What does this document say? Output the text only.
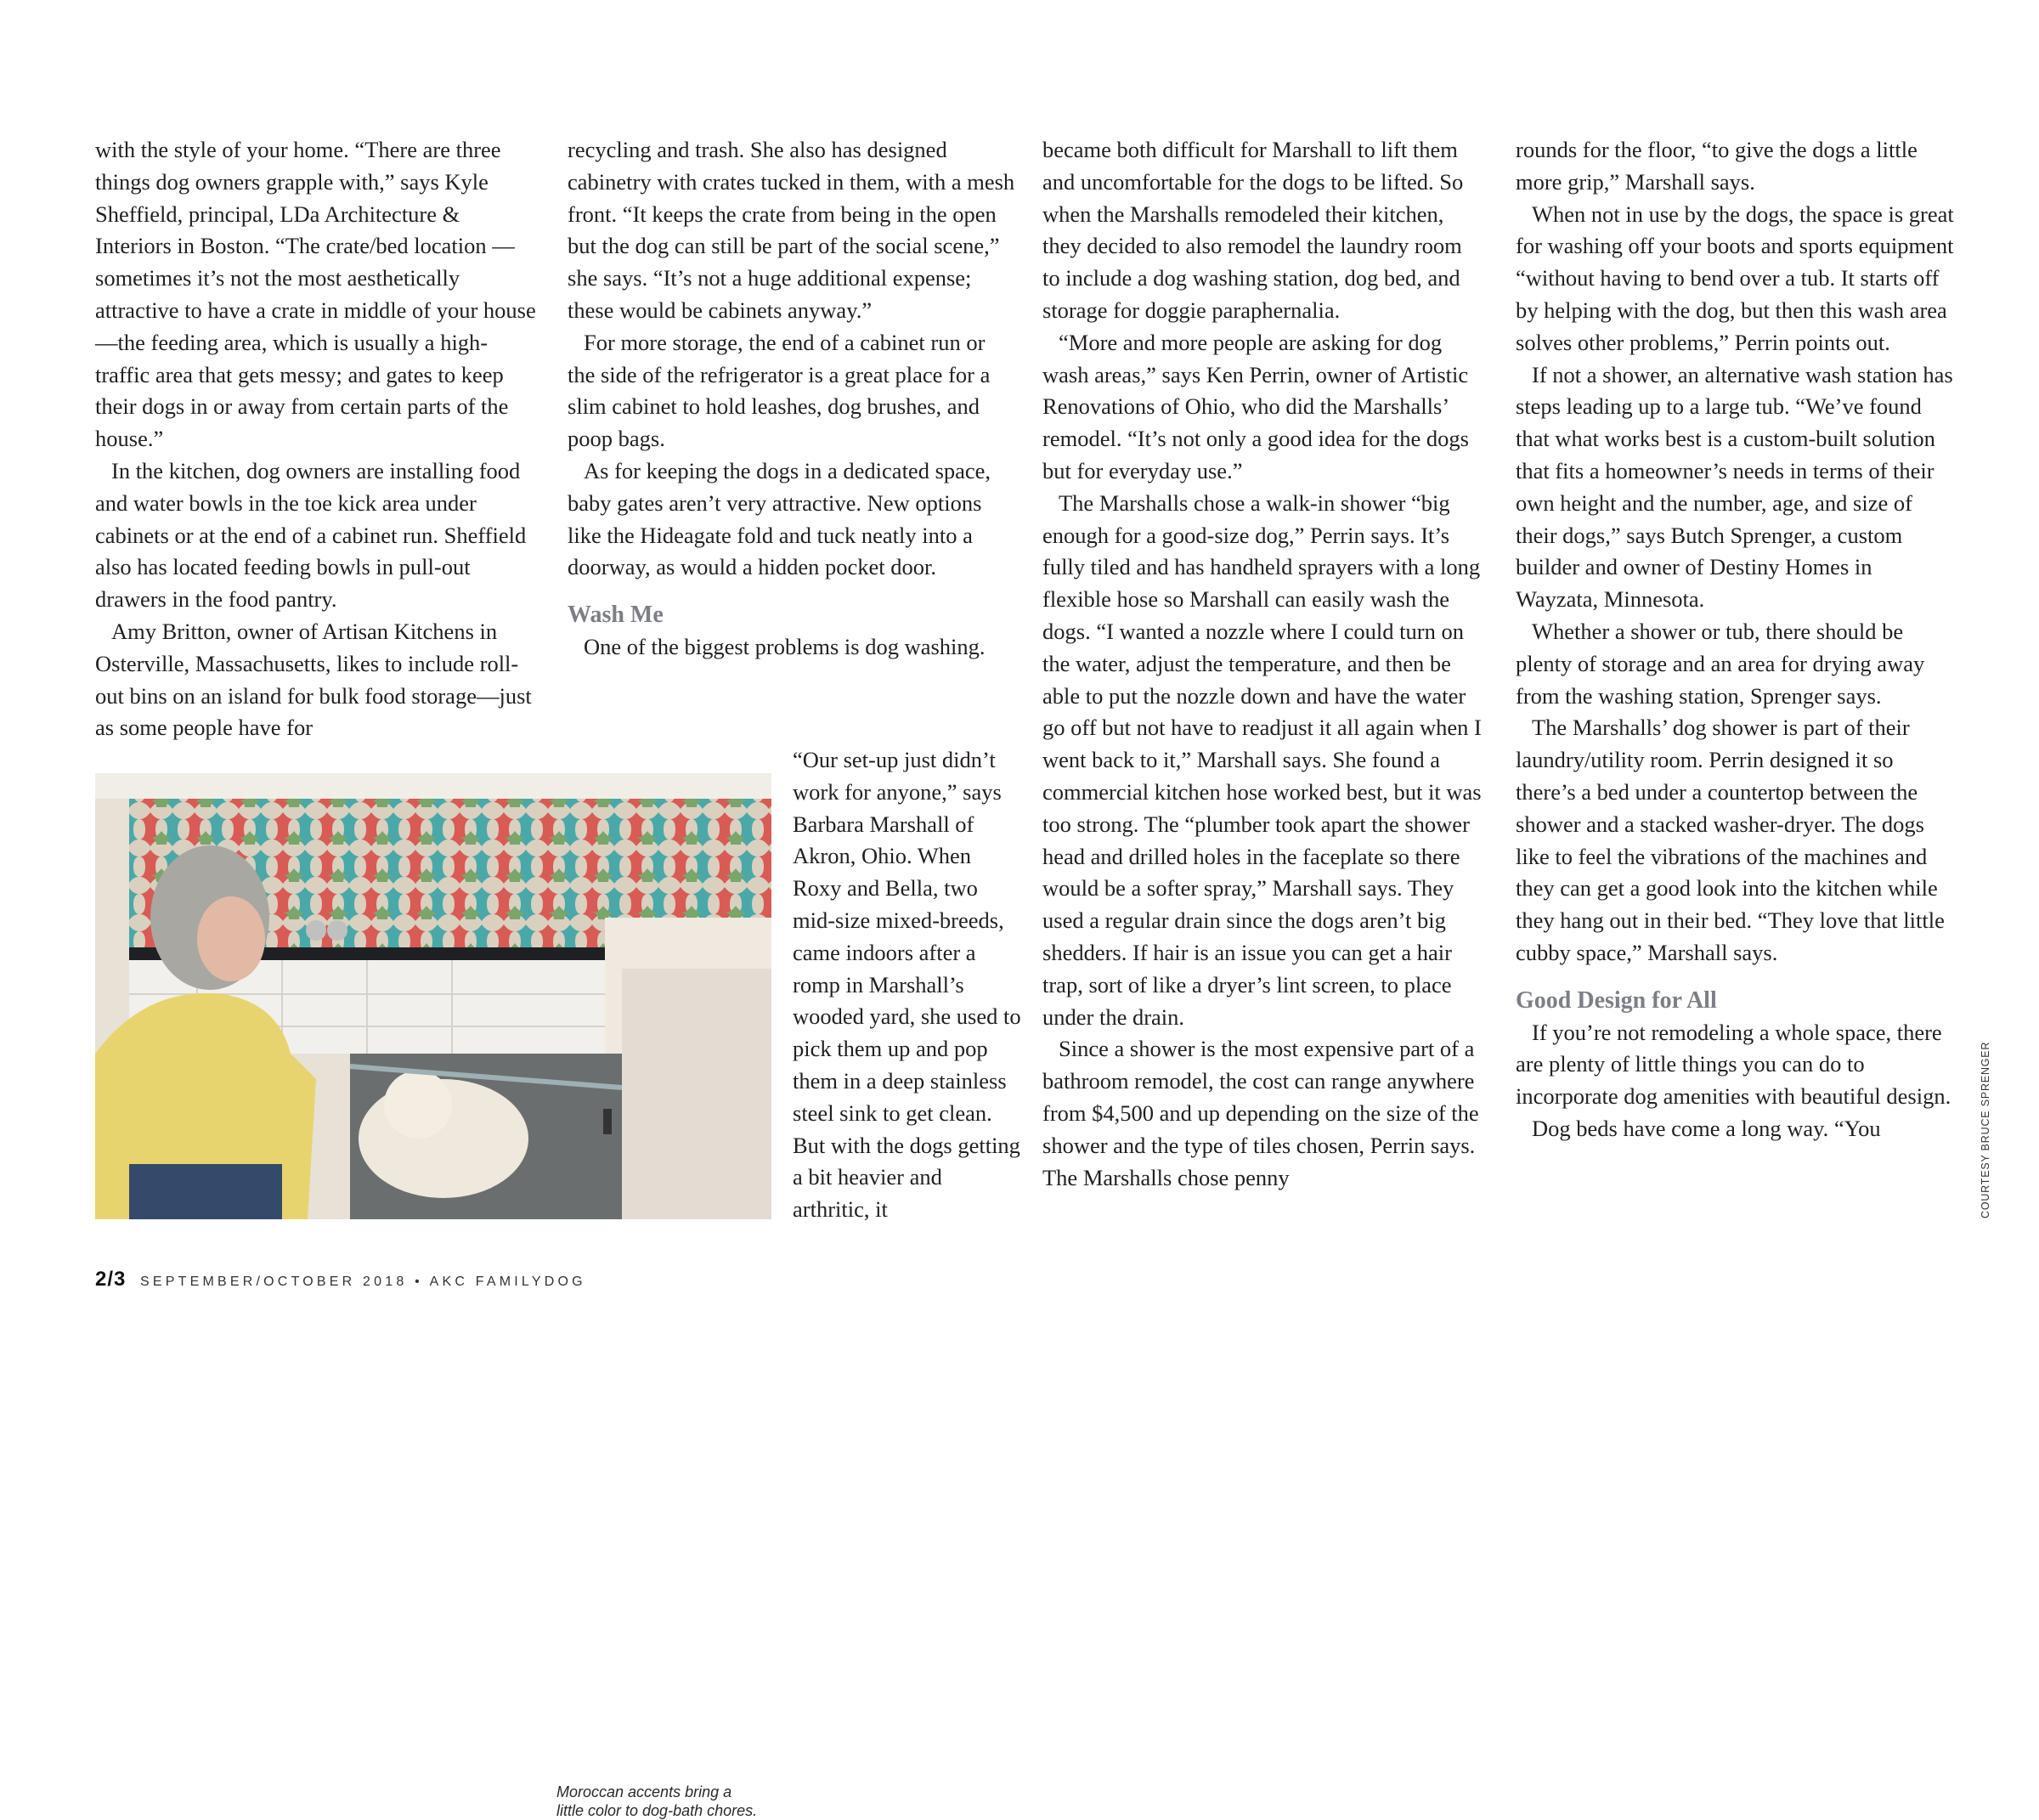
with the style of your home. “There are three things dog owners grapple with,” says Kyle Sheffield, principal, LDa Architecture & Interiors in Boston. “The crate/bed location —sometimes it’s not the most aesthetically attractive to have a crate in middle of your house—the feeding area, which is usually a high-traffic area that gets messy; and gates to keep their dogs in or away from certain parts of the house.”

In the kitchen, dog owners are installing food and water bowls in the toe kick area under cabinets or at the end of a cabinet run. Sheffield also has located feeding bowls in pull-out drawers in the food pantry.

Amy Britton, owner of Artisan Kitchens in Osterville, Massachusetts, likes to include roll-out bins on an island for bulk food storage—just as some people have for

recycling and trash. She also has designed cabinetry with crates tucked in them, with a mesh front. “It keeps the crate from being in the open but the dog can still be part of the social scene,” she says. “It’s not a huge additional expense; these would be cabinets anyway.”

For more storage, the end of a cabinet run or the side of the refrigerator is a great place for a slim cabinet to hold leashes, dog brushes, and poop bags.

As for keeping the dogs in a dedicated space, baby gates aren’t very attractive. New options like the Hideagate fold and tuck neatly into a doorway, as would a hidden pocket door.

Wash Me

One of the biggest problems is dog washing.

Moroccan accents bring a little color to dog-bath chores.
“Our set-up just didn’t work for anyone,” says Barbara Marshall of Akron, Ohio. When Roxy and Bella, two mid-size mixed-breeds, came indoors after a romp in Marshall’s wooded yard, she used to pick them up and pop them in a deep stainless steel sink to get clean. But with the dogs getting a bit heavier and arthritic, it

became both difficult for Marshall to lift them and uncomfortable for the dogs to be lifted. So when the Marshalls remodeled their kitchen, they decided to also remodel the laundry room to include a dog washing station, dog bed, and storage for doggie paraphernalia.

“More and more people are asking for dog wash areas,” says Ken Perrin, owner of Artistic Renovations of Ohio, who did the Marshalls’ remodel. “It’s not only a good idea for the dogs but for everyday use.”

The Marshalls chose a walk-in shower “big enough for a good-size dog,” Perrin says. It’s fully tiled and has handheld sprayers with a long flexible hose so Marshall can easily wash the dogs. “I wanted a nozzle where I could turn on the water, adjust the temperature, and then be able to put the nozzle down and have the water go off but not have to readjust it all again when I went back to it,” Marshall says. She found a commercial kitchen hose worked best, but it was too strong. The “plumber took apart the shower head and drilled holes in the faceplate so there would be a softer spray,” Marshall says. They used a regular drain since the dogs aren’t big shedders. If hair is an issue you can get a hair trap, sort of like a dryer’s lint screen, to place under the drain.

Since a shower is the most expensive part of a bathroom remodel, the cost can range anywhere from $4,500 and up depending on the size of the shower and the type of tiles chosen, Perrin says. The Marshalls chose penny

rounds for the floor, “to give the dogs a little more grip,” Marshall says.

When not in use by the dogs, the space is great for washing off your boots and sports equipment “without having to bend over a tub. It starts off by helping with the dog, but then this wash area solves other problems,” Perrin points out.

If not a shower, an alternative wash station has steps leading up to a large tub. “We’ve found that what works best is a custom-built solution that fits a homeowner’s needs in terms of their own height and the number, age, and size of their dogs,” says Butch Sprenger, a custom builder and owner of Destiny Homes in Wayzata, Minnesota.

Whether a shower or tub, there should be plenty of storage and an area for drying away from the washing station, Sprenger says.

The Marshalls’ dog shower is part of their laundry/utility room. Perrin designed it so there’s a bed under a countertop between the shower and a stacked washer-dryer. The dogs like to feel the vibrations of the machines and they can get a good look into the kitchen while they hang out in their bed. “They love that little cubby space,” Marshall says.

Good Design for All

If you’re not remodeling a whole space, there are plenty of little things you can do to incorporate dog amenities with beautiful design.

Dog beds have come a long way. “You	COURTESY BRUCE SPRENGER
2/3 SEPTEMBER/OCTOBER 2018 • AKC FAMILYDOG
